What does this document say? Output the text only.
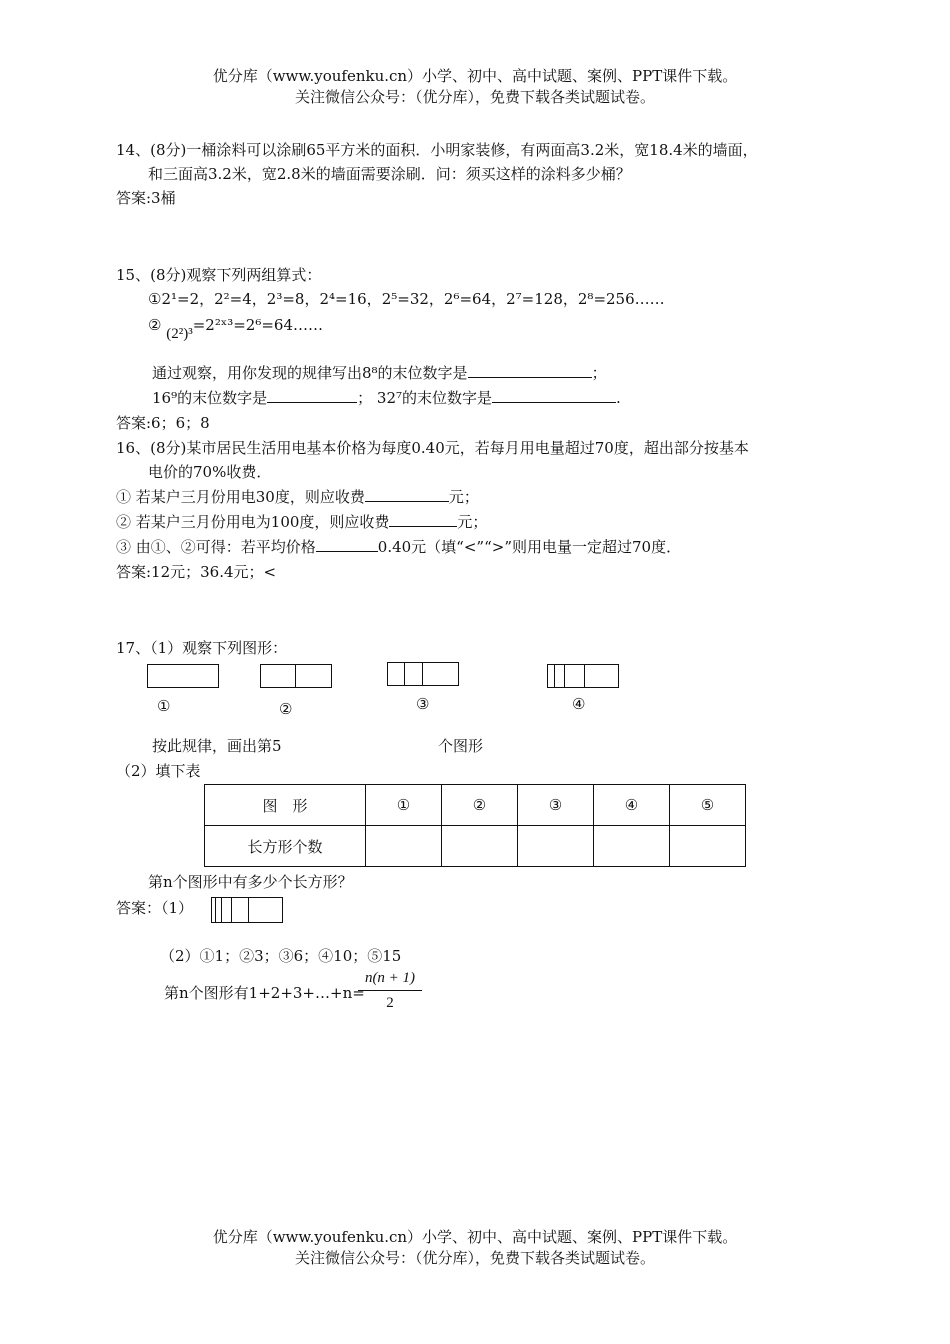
优分库（www.youfenku.cn）小学、初中、高中试题、案例、PPT课件下载。
关注微信公众号：（优分库），免费下载各类试题试卷。
14、(8分)一桶涂料可以涂刷65平方米的面积．小明家装修，有两面高3.2米，宽18.4米的墙面，
和三面高3.2米，宽2.8米的墙面需要涂刷．问：须买这样的涂料多少桶？
答案:3桶
15、(8分)观察下列两组算式：
①2¹=2，2²=4，2³=8，2⁴=16，2⁵=32，2⁶=64，2⁷=128，2⁸=256……
② (2²)³=2²ˣ³=2⁶=64……
通过观察，用你发现的规律写出8⁸的末位数字是	；
16⁹的末位数字是	； 32⁷的末位数字是	.
答案:6；6；8
16、(8分)某市居民生活用电基本价格为每度0.40元，若每月用电量超过70度，超出部分按基本
电价的70%收费．
① 若某户三月份用电30度，则应收费	元；
② 若某户三月份用电为100度，则应收费	元；
③ 由①、②可得：若平均价格	0.40元（填“<”“>”则用电量一定超过70度．
答案:12元；36.4元；<
17、（1）观察下列图形：
①	②	③	④
按此规律，画出第5	个图形
（2）填下表
图　形	①	②	③	④	⑤
长方形个数					
第n个图形中有多少个长方形？
答案：（1）
（2）①1；②3；③6；④10；⑤15
第n个图形有1+2+3+…+n=
n(n + 1)
2
优分库（www.youfenku.cn）小学、初中、高中试题、案例、PPT课件下载。
关注微信公众号：（优分库），免费下载各类试题试卷。
